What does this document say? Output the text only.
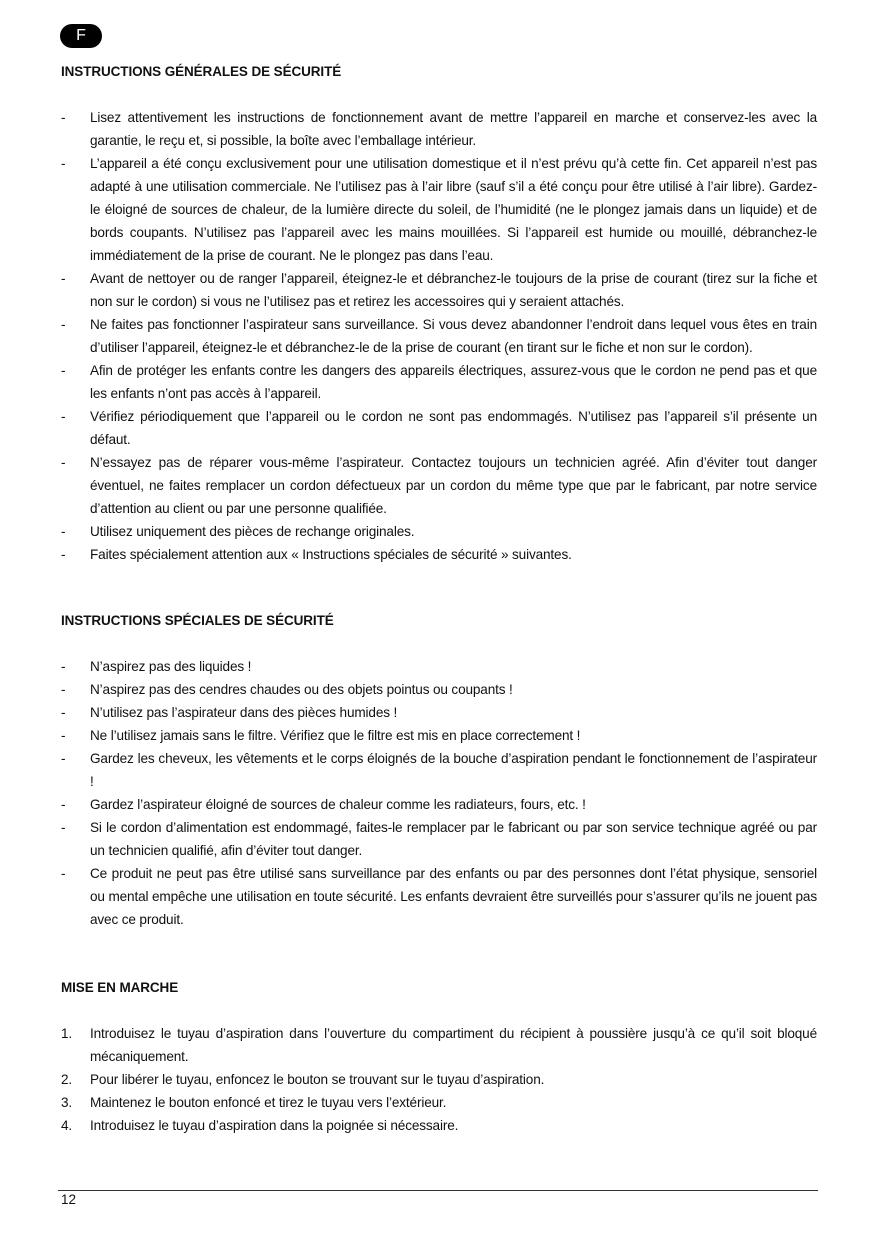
F
INSTRUCTIONS GÉNÉRALES DE SÉCURITÉ
- Lisez attentivement les instructions de fonctionnement avant de mettre l’appareil en marche et conservez-les avec la garantie, le reçu et, si possible, la boîte avec l’emballage intérieur.
- L’appareil a été conçu exclusivement pour une utilisation domestique et il n’est prévu qu’à cette fin. Cet appareil n’est pas adapté à une utilisation commerciale. Ne l’utilisez pas à l’air libre (sauf s’il a été conçu pour être utilisé à l’air libre). Gardez-le éloigné de sources de chaleur, de la lumière directe du soleil, de l’humidité (ne le plongez jamais dans un liquide) et de bords coupants. N’utilisez pas l’appareil avec les mains mouillées. Si l’appareil est humide ou mouillé, débranchez-le immédiatement de la prise de courant. Ne le plongez pas dans l’eau.
- Avant de nettoyer ou de ranger l’appareil, éteignez-le et débranchez-le toujours de la prise de courant (tirez sur la fiche et non sur le cordon) si vous ne l’utilisez pas et retirez les accessoires qui y seraient attachés.
- Ne faites pas fonctionner l’aspirateur sans surveillance. Si vous devez abandonner l’endroit dans lequel vous êtes en train d’utiliser l’appareil, éteignez-le et débranchez-le de la prise de courant (en tirant sur le fiche et non sur le cordon).
- Afin de protéger les enfants contre les dangers des appareils électriques, assurez-vous que le cordon ne pend pas et que les enfants n’ont pas accès à l’appareil.
- Vérifiez périodiquement que l’appareil ou le cordon ne sont pas endommagés. N’utilisez pas l’appareil s’il présente un défaut.
- N’essayez pas de réparer vous-même l’aspirateur. Contactez toujours un technicien agréé. Afin d’éviter tout danger éventuel, ne faites remplacer un cordon défectueux par un cordon du même type que par le fabricant, par notre service d’attention au client ou par une personne qualifiée.
- Utilisez uniquement des pièces de rechange originales.
- Faites spécialement attention aux « Instructions spéciales de sécurité » suivantes.
INSTRUCTIONS SPÉCIALES DE SÉCURITÉ
- N’aspirez pas des liquides !
- N’aspirez pas des cendres chaudes ou des objets pointus ou coupants !
- N’utilisez pas l’aspirateur dans des pièces humides !
- Ne l’utilisez jamais sans le filtre. Vérifiez que le filtre est mis en place correctement !
- Gardez les cheveux, les vêtements et le corps éloignés de la bouche d’aspiration pendant le fonctionnement de l’aspirateur !
- Gardez l’aspirateur éloigné de sources de chaleur comme les radiateurs, fours, etc. !
- Si le cordon d’alimentation est endommagé, faites-le remplacer par le fabricant ou par son service technique agréé ou par un technicien qualifié, afin d’éviter tout danger.
- Ce produit ne peut pas être utilisé sans surveillance par des enfants ou par des personnes dont l’état physique, sensoriel ou mental empêche une utilisation en toute sécurité. Les enfants devraient être surveillés pour s’assurer qu’ils ne jouent pas avec ce produit.
MISE EN MARCHE
1. Introduisez le tuyau d’aspiration dans l’ouverture du compartiment du récipient à poussière jusqu’à ce qu’il soit bloqué mécaniquement.
2. Pour libérer le tuyau, enfoncez le bouton se trouvant sur le tuyau d’aspiration.
3. Maintenez le bouton enfoncé et tirez le tuyau vers l’extérieur.
4. Introduisez le tuyau d’aspiration dans la poignée si nécessaire.
12
